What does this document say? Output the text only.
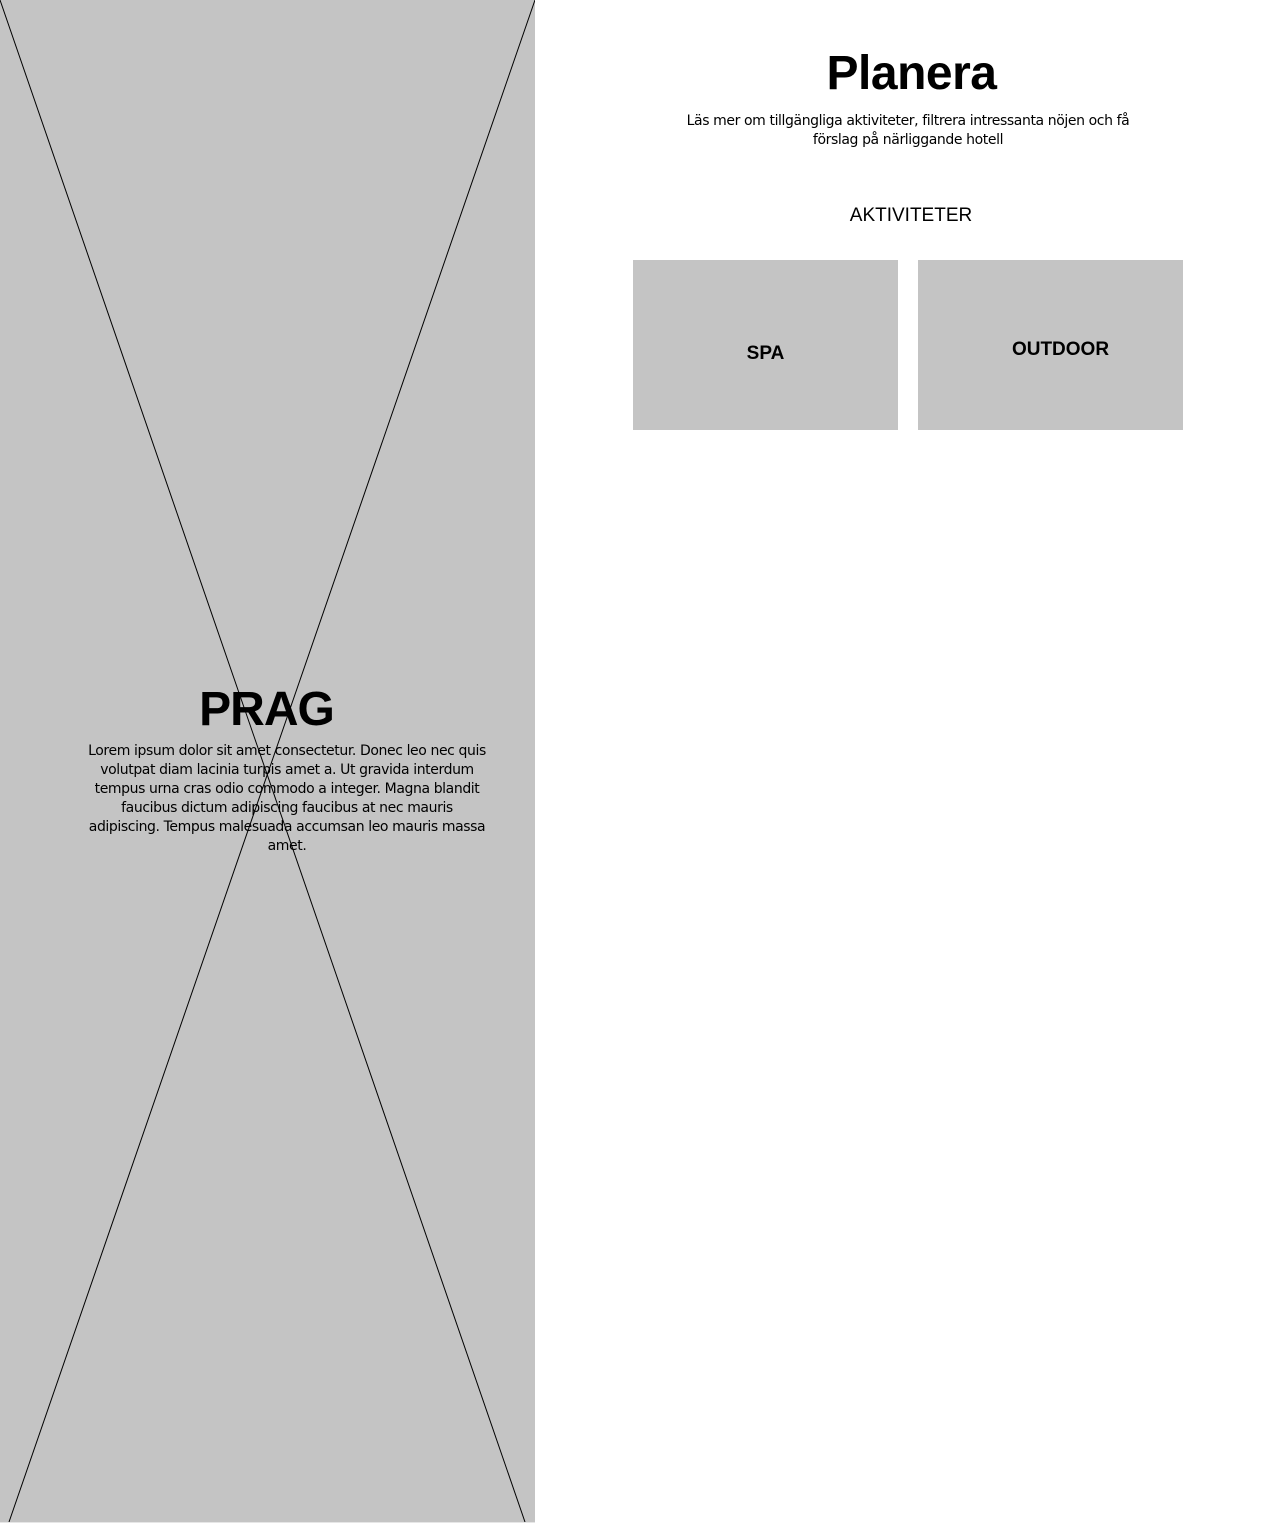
PRAG

Lorem ipsum dolor sit amet consectetur. Donec leo nec quis volutpat diam lacinia turpis amet a. Ut gravida interdum tempus urna cras odio commodo a integer. Magna blandit faucibus dictum adipiscing faucibus at nec mauris adipiscing. Tempus malesuada accumsan leo mauris massa amet.

Planera

Läs mer om tillgängliga aktiviteter, filtrera intressanta nöjen och få förslag på närliggande hotell

AKTIVITETER
SPA	OUTDOOR
